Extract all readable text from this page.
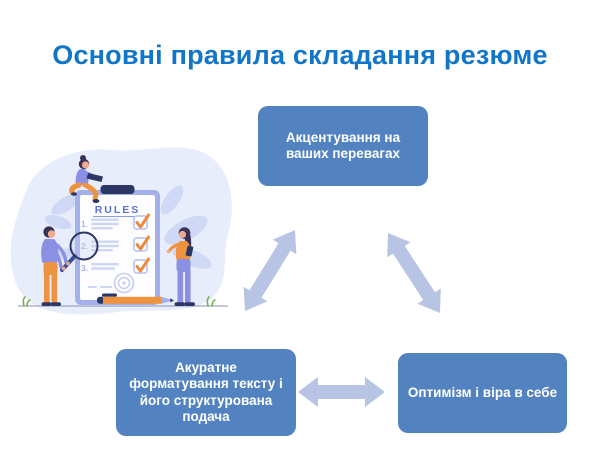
Основні правила складання резюме
RULES
1.
2.
3.
Акцентування на
ваших перевагах
Акуратне
форматування тексту і
його структурована
подача
Оптимізм і віра в себе
